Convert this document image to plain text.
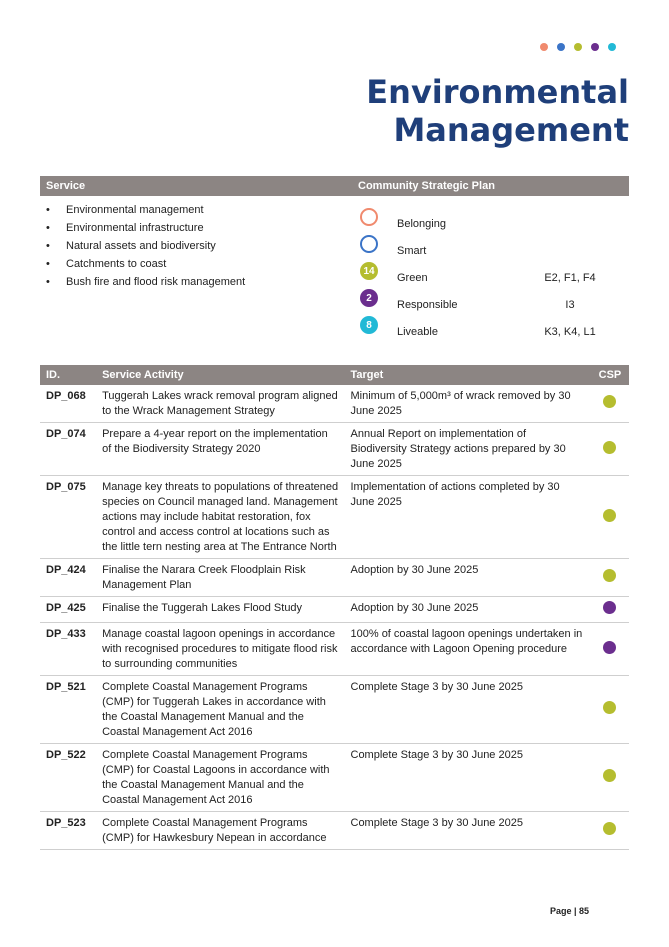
Environmental
Management
Service	Community Strategic Plan
• Environmental management
• Environmental infrastructure
• Natural assets and biodiversity
• Catchments to coast
• Bush fire and flood risk management
Belonging
Smart
14
Green	E2, F1, F4
2
Responsible	I3
8
Liveable	K3, K4, L1
ID.	Service Activity	Target	CSP
DP_068	Tuggerah Lakes wrack removal program aligned to the Wrack Management Strategy	Minimum of 5,000m³ of wrack removed by 30 June 2025	
DP_074	Prepare a 4-year report on the implementation of the Biodiversity Strategy 2020	Annual Report on implementation of Biodiversity Strategy actions prepared by 30 June 2025	
DP_075	Manage key threats to populations of threatened species on Council managed land. Management actions may include habitat restoration, fox control and access control at locations such as the little tern nesting area at The Entrance North	Implementation of actions completed by 30 June 2025	
DP_424	Finalise the Narara Creek Floodplain Risk Management Plan	Adoption by 30 June 2025	
DP_425	Finalise the Tuggerah Lakes Flood Study	Adoption by 30 June 2025	
DP_433	Manage coastal lagoon openings in accordance with recognised procedures to mitigate flood risk to surrounding communities	100% of coastal lagoon openings undertaken in accordance with Lagoon Opening procedure	
DP_521	Complete Coastal Management Programs (CMP) for Tuggerah Lakes in accordance with the Coastal Management Manual and the Coastal Management Act 2016	Complete Stage 3 by 30 June 2025	
DP_522	Complete Coastal Management Programs (CMP) for Coastal Lagoons in accordance with the Coastal Management Manual and the Coastal Management Act 2016	Complete Stage 3 by 30 June 2025	
DP_523	Complete Coastal Management Programs (CMP) for Hawkesbury Nepean in accordance	Complete Stage 3 by 30 June 2025	
Page | 85
